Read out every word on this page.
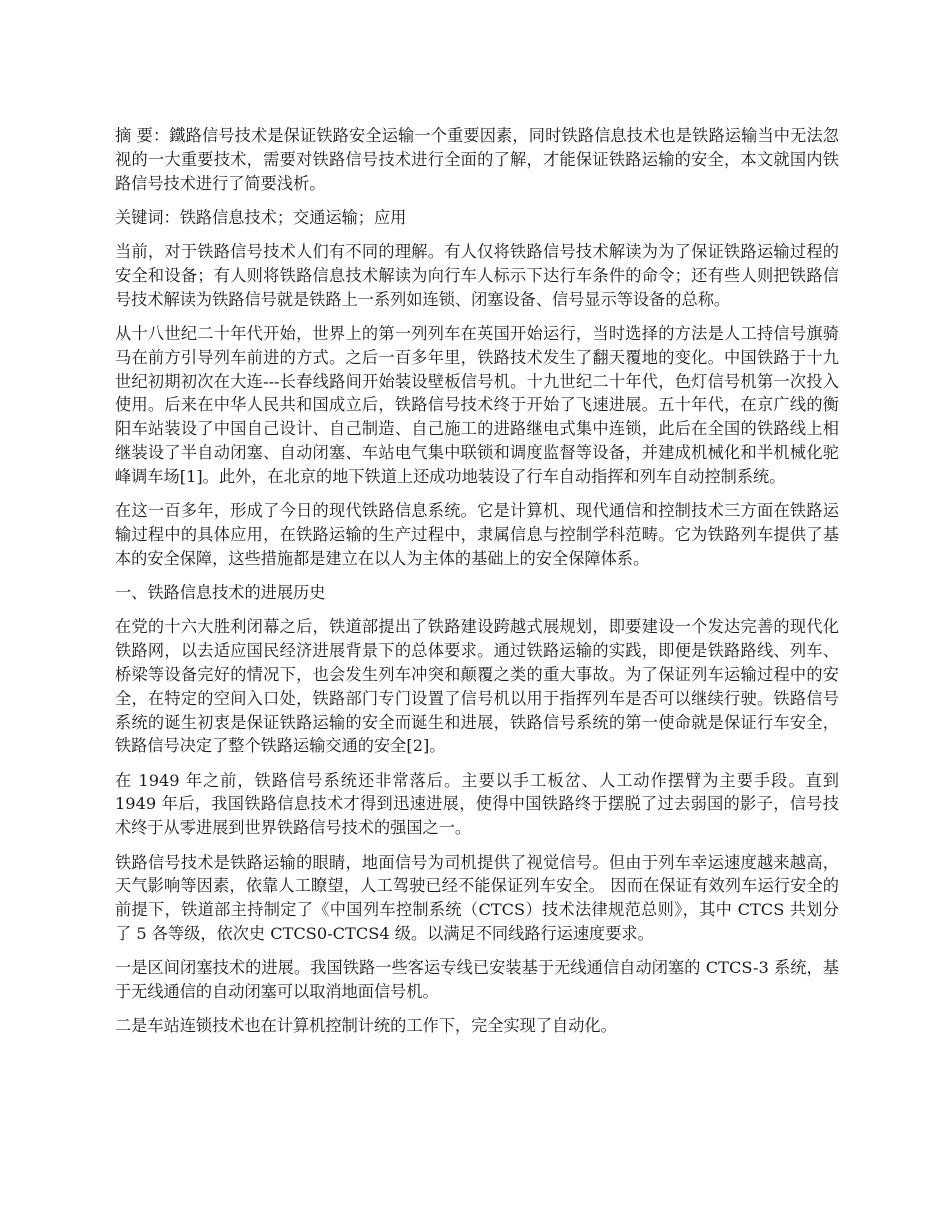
摘 要：鐵路信号技术是保证铁路安全运输一个重要因素，同时铁路信息技术也是铁路运输当中无法忽视的一大重要技术，需要对铁路信号技术进行全面的了解，才能保证铁路运输的安全，本文就国内铁路信号技术进行了简要浅析。

关键词：铁路信息技术；交通运输；应用

当前，对于铁路信号技术人们有不同的理解。有人仅将铁路信号技术解读为为了保证铁路运输过程的安全和设备；有人则将铁路信息技术解读为向行车人标示下达行车条件的命令；还有些人则把铁路信号技术解读为铁路信号就是铁路上一系列如连锁、闭塞设备、信号显示等设备的总称。

从十八世纪二十年代开始，世界上的第一列列车在英国开始运行，当时选择的方法是人工持信号旗骑马在前方引导列车前进的方式。之后一百多年里，铁路技术发生了翻天覆地的变化。中国铁路于十九世纪初期初次在大连---长春线路间开始装设壁板信号机。十九世纪二十年代，色灯信号机第一次投入使用。后来在中华人民共和国成立后，铁路信号技术终于开始了飞速进展。五十年代，在京广线的衡阳车站装设了中国自己设计、自己制造、自己施工的进路继电式集中连锁，此后在全国的铁路线上相继装设了半自动闭塞、自动闭塞、车站电气集中联锁和调度监督等设备，并建成机械化和半机械化驼峰调车场[1]。此外，在北京的地下铁道上还成功地装设了行车自动指挥和列车自动控制系统。

在这一百多年，形成了今日的现代铁路信息系统。它是计算机、现代通信和控制技术三方面在铁路运输过程中的具体应用，在铁路运输的生产过程中，隶属信息与控制学科范畴。它为铁路列车提供了基本的安全保障，这些措施都是建立在以人为主体的基础上的安全保障体系。

一、铁路信息技术的进展历史

在党的十六大胜利闭幕之后，铁道部提出了铁路建设跨越式展规划，即要建设一个发达完善的现代化铁路网，以去适应国民经济进展背景下的总体要求。通过铁路运输的实践，即便是铁路路线、列车、桥梁等设备完好的情况下，也会发生列车冲突和颠覆之类的重大事故。为了保证列车运输过程中的安全，在特定的空间入口处，铁路部门专门设置了信号机以用于指挥列车是否可以继续行驶。铁路信号系统的诞生初衷是保证铁路运输的安全而诞生和进展，铁路信号系统的第一使命就是保证行车安全，铁路信号决定了整个铁路运输交通的安全[2]。

在 1949 年之前，铁路信号系统还非常落后。主要以手工板岔、人工动作摆臂为主要手段。直到 1949 年后，我国铁路信息技术才得到迅速进展，使得中国铁路终于摆脱了过去弱国的影子，信号技术终于从零进展到世界铁路信号技术的强国之一。

铁路信号技术是铁路运输的眼睛，地面信号为司机提供了视觉信号。但由于列车幸运速度越来越高，天气影响等因素，依靠人工瞭望，人工驾驶已经不能保证列车安全。 因而在保证有效列车运行安全的前提下，铁道部主持制定了《中国列车控制系统（CTCS）技术法律规范总则》，其中 CTCS 共划分了 5 各等级，依次史 CTCS0-CTCS4 级。以满足不同线路行运速度要求。

一是区间闭塞技术的进展。我国铁路一些客运专线已安装基于无线通信自动闭塞的 CTCS-3 系统，基于无线通信的自动闭塞可以取消地面信号机。

二是车站连锁技术也在计算机控制计统的工作下，完全实现了自动化。
